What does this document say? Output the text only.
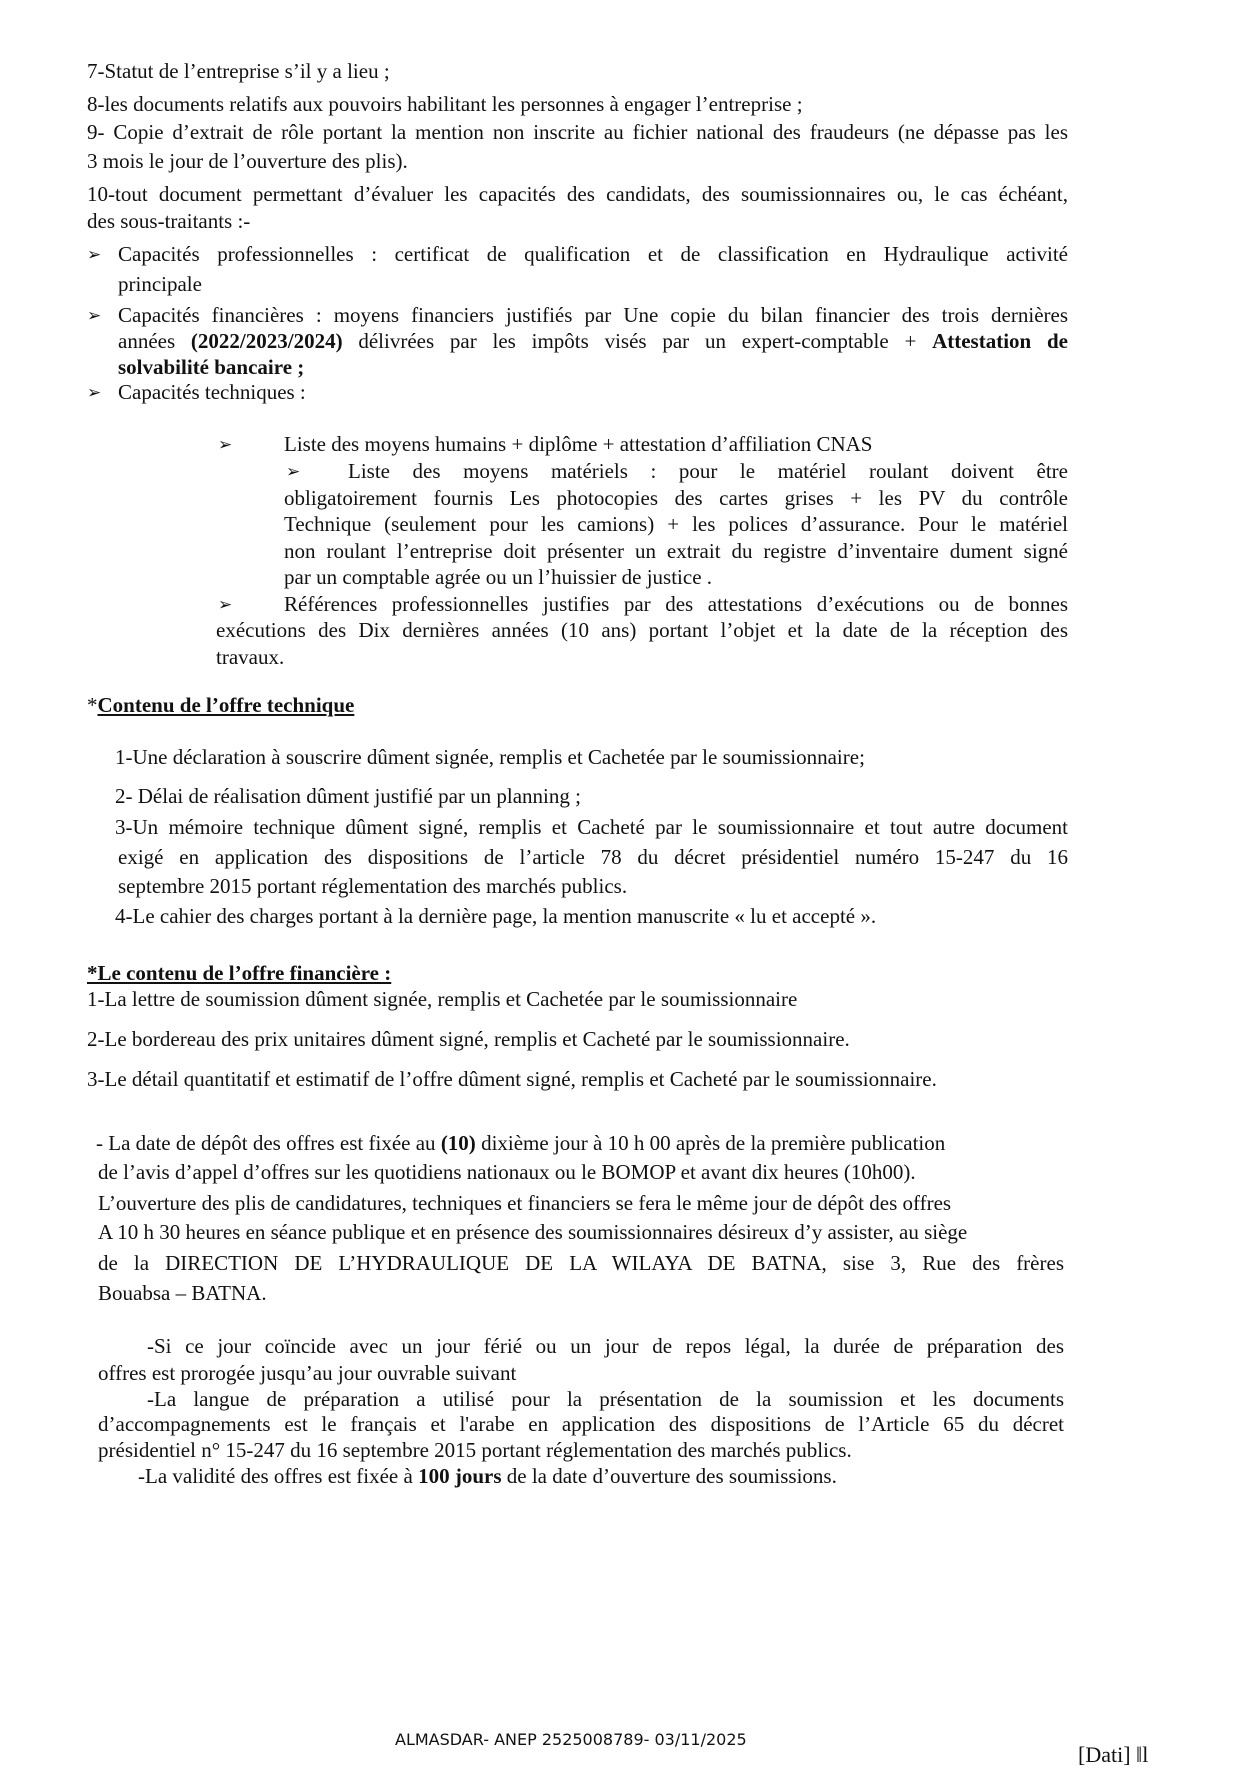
7-Statut de l’entreprise s’il y a lieu ;
8-les documents relatifs aux pouvoirs habilitant les personnes à engager l’entreprise ;
9- Copie d’extrait de rôle portant la mention non inscrite au fichier national des fraudeurs (ne dépasse pas les
3 mois le jour de l’ouverture des plis).
10-tout document permettant d’évaluer les capacités des candidats, des soumissionnaires ou, le cas échéant,
des sous-traitants :-
➢ Capacités professionnelles : certificat de qualification et de classification en Hydraulique activité
principale
➢ Capacités financières : moyens financiers justifiés par Une copie du bilan financier des trois dernières
années (2022/2023/2024) délivrées par les impôts visés par un expert-comptable + Attestation de
solvabilité bancaire ;
➢ Capacités techniques :
➢ Liste des moyens humains + diplôme + attestation d’affiliation CNAS
➢ Liste des moyens matériels : pour le matériel roulant doivent être
obligatoirement fournis Les photocopies des cartes grises + les PV du contrôle
Technique (seulement pour les camions) + les polices d’assurance. Pour le matériel
non roulant l’entreprise doit présenter un extrait du registre d’inventaire dument signé
par un comptable agrée ou un l’huissier de justice .
➢ Références professionnelles justifies par des attestations d’exécutions ou de bonnes
exécutions des Dix dernières années (10 ans) portant l’objet et la date de la réception des
travaux.
*Contenu de l’offre technique
1-Une déclaration à souscrire dûment signée, remplis et Cachetée par le soumissionnaire;
2- Délai de réalisation dûment justifié par un planning ;
3-Un mémoire technique dûment signé, remplis et Cacheté par le soumissionnaire et tout autre document
exigé en application des dispositions de l’article 78 du décret présidentiel numéro 15-247 du 16
septembre 2015 portant réglementation des marchés publics.
4-Le cahier des charges portant à la dernière page, la mention manuscrite « lu et accepté ».
*Le contenu de l’offre financière :
1-La lettre de soumission dûment signée, remplis et Cachetée par le soumissionnaire
2-Le bordereau des prix unitaires dûment signé, remplis et Cacheté par le soumissionnaire.
3-Le détail quantitatif et estimatif de l’offre dûment signé, remplis et Cacheté par le soumissionnaire.
- La date de dépôt des offres est fixée au (10) dixième jour à 10 h 00 après de la première publication
de l’avis d’appel d’offres sur les quotidiens nationaux ou le BOMOP et avant dix heures (10h00).
L’ouverture des plis de candidatures, techniques et financiers se fera le même jour de dépôt des offres
A 10 h 30 heures en séance publique et en présence des soumissionnaires désireux d’y assister, au siège
de la DIRECTION DE L’HYDRAULIQUE DE LA WILAYA DE BATNA, sise 3, Rue des frères
Bouabsa – BATNA.
-Si ce jour coïncide avec un jour férié ou un jour de repos légal, la durée de préparation des
offres est prorogée jusqu’au jour ouvrable suivant
-La langue de préparation a utilisé pour la présentation de la soumission et les documents
d’accompagnements est le français et l'arabe en application des dispositions de l’Article 65 du décret
présidentiel n° 15-247 du 16 septembre 2015 portant réglementation des marchés publics.
-La validité des offres est fixée à 100 jours de la date d’ouverture des soumissions.
ALMASDAR- ANEP 2525008789- 03/11/2025
[Dati] ‖l
